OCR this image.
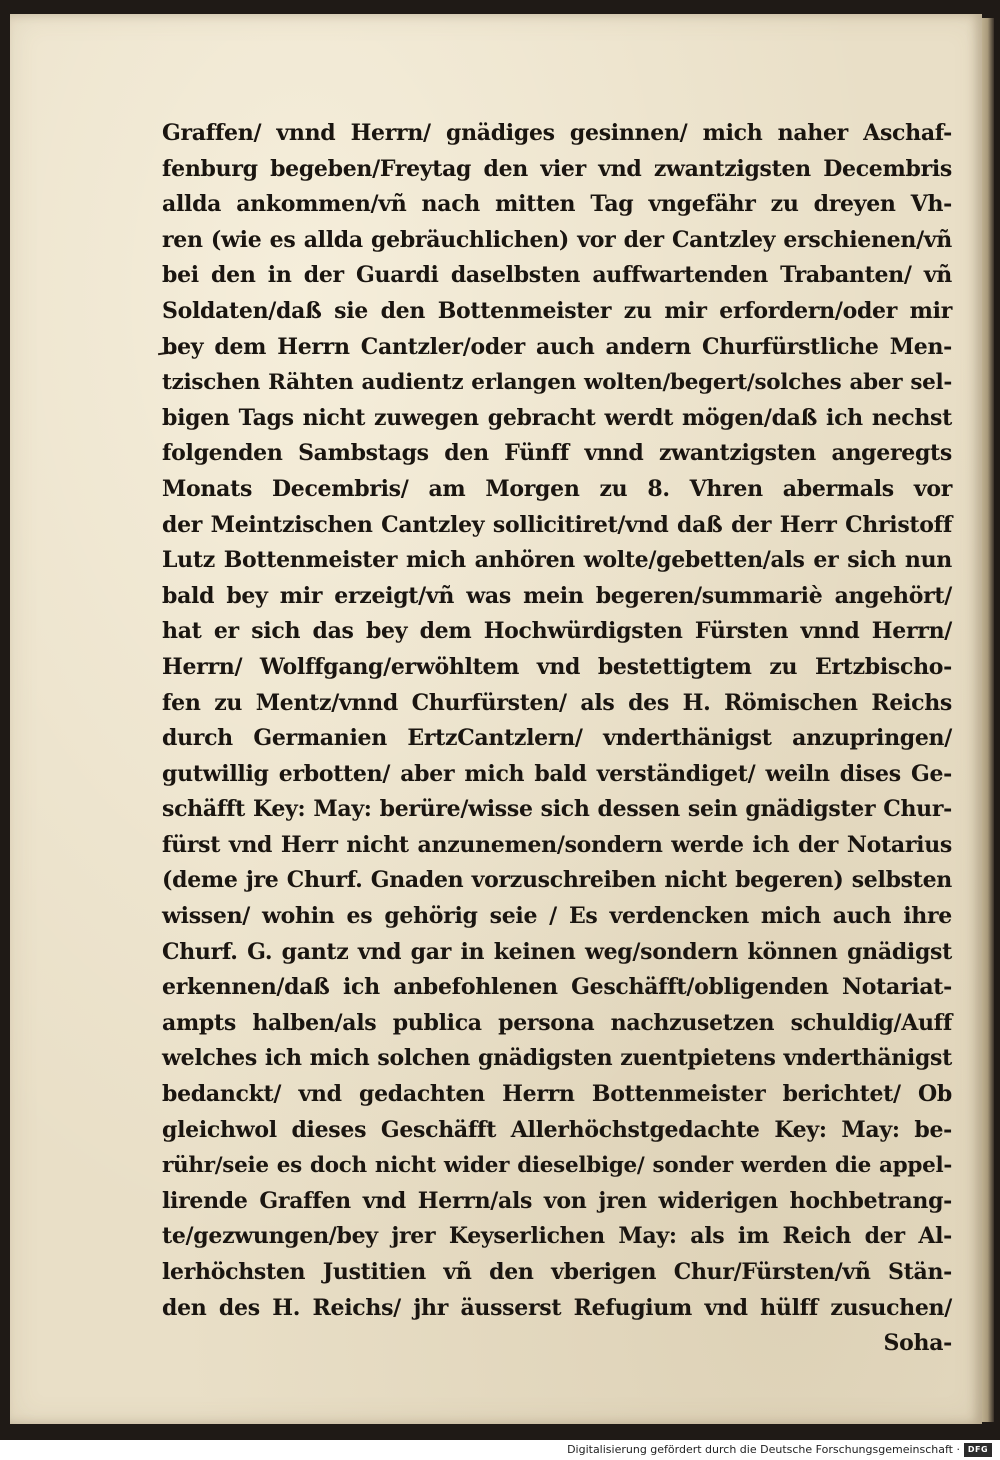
Graffen/ vnnd Herrn/ gnädiges gesinnen/ mich naher Aschaf-
fenburg begeben/Freytag den vier vnd zwantzigsten Decembris
allda ankommen/vñ nach mitten Tag vngefähr zu dreyen Vh-
ren (wie es allda gebräuchlichen) vor der Cantzley erschienen/vñ
bei den in der Guardi daselbsten auffwartenden Trabanten/ vñ
Soldaten/daß sie den Bottenmeister zu mir erfordern/oder mir
bey dem Herrn Cantzler/oder auch andern Churfürstliche Men-
tzischen Rähten audientz erlangen wolten/begert/solches aber sel-
bigen Tags nicht zuwegen gebracht werdt mögen/daß ich nechst
folgenden Sambstags den Fünff vnnd zwantzigsten angeregts
Monats Decembris/ am Morgen zu 8. Vhren abermals vor
der Meintzischen Cantzley sollicitiret/vnd daß der Herr Christoff
Lutz Bottenmeister mich anhören wolte/gebetten/als er sich nun
bald bey mir erzeigt/vñ was mein begeren/summariè angehört/
hat er sich das bey dem Hochwürdigsten Fürsten vnnd Herrn/
Herrn/ Wolffgang/erwöhltem vnd bestettigtem zu Ertzbischo-
fen zu Mentz/vnnd Churfürsten/ als des H. Römischen Reichs
durch Germanien ErtzCantzlern/ vnderthänigst anzupringen/
gutwillig erbotten/ aber mich bald verständiget/ weiln dises Ge-
schäfft Key: May: berüre/wisse sich dessen sein gnädigster Chur-
fürst vnd Herr nicht anzunemen/sondern werde ich der Notarius
(deme jre Churf. Gnaden vorzuschreiben nicht begeren) selbsten
wissen/ wohin es gehörig seie / Es verdencken mich auch ihre
Churf. G. gantz vnd gar in keinen weg/sondern können gnädigst
erkennen/daß ich anbefohlenen Geschäfft/obligenden Notariat-
ampts halben/als publica persona nachzusetzen schuldig/Auff
welches ich mich solchen gnädigsten zuentpietens vnderthänigst
bedanckt/ vnd gedachten Herrn Bottenmeister berichtet/ Ob
gleichwol dieses Geschäfft Allerhöchstgedachte Key: May: be-
rühr/seie es doch nicht wider dieselbige/ sonder werden die appel-
lirende Graffen vnd Herrn/als von jren widerigen hochbetrang-
te/gezwungen/bey jrer Keyserlichen May: als im Reich der Al-
lerhöchsten Justitien vñ den vberigen Chur/Fürsten/vñ Stän-
den des H. Reichs/ jhr äusserst Refugium vnd hülff zusuchen/
Soha-
Digitalisierung gefördert durch die Deutsche Forschungsgemeinschaft · DFG
